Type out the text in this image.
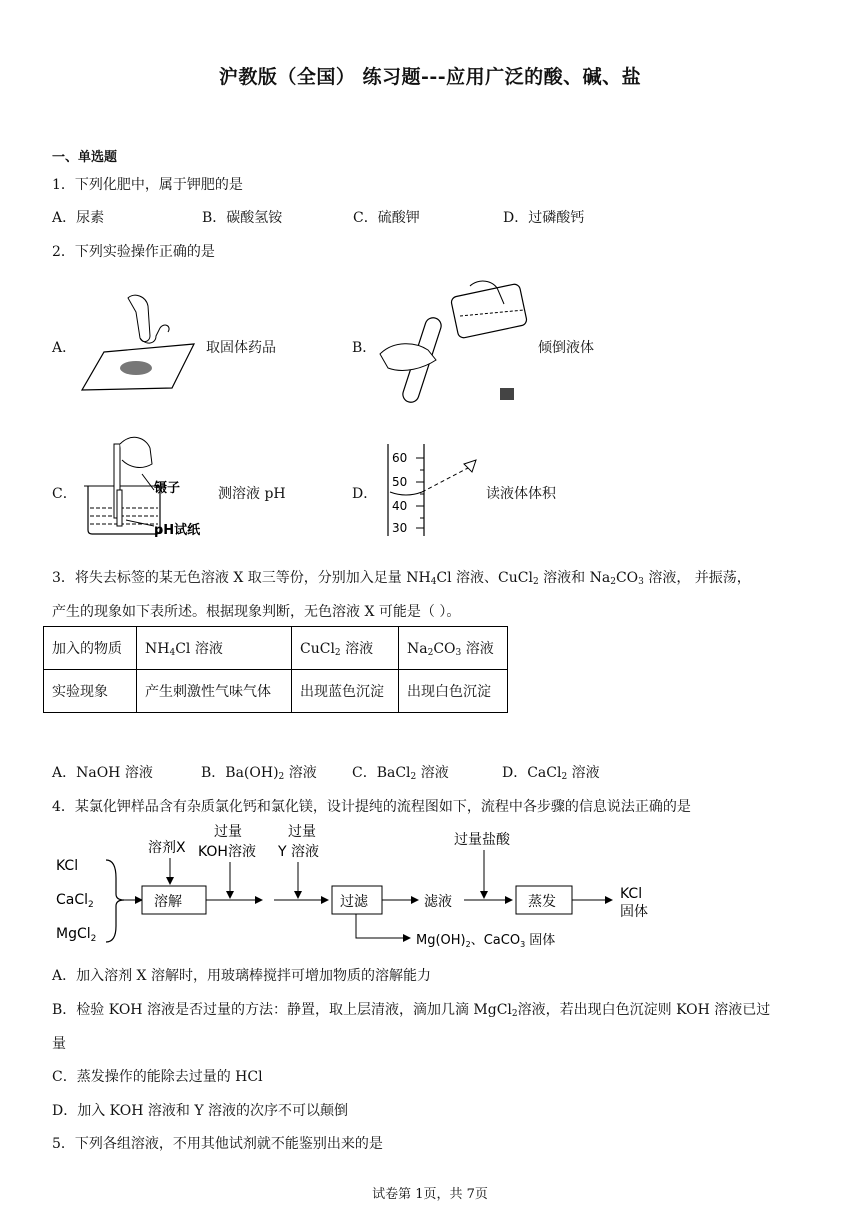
沪教版（全国） 练习题---应用广泛的酸、碱、盐
一、单选题
1．下列化肥中，属于钾肥的是
A．尿素	B．碳酸氢铵	C．硫酸钾	D．过磷酸钙
2．下列实验操作正确的是
A．	取固体药品	B．	倾倒液体
C．	镊子
pH试纸
测溶液 pH	D．
60
50
40
30
读液体体积
3．将失去标签的某无色溶液 X 取三等份，分别加入足量 $NH_4Cl$ 溶液、CuCl$_2$ 溶液和 $Na_2CO_3$ 溶液， 并振荡，
产生的现象如下表所述。根据现象判断，无色溶液 X 可能是（ ）。
加入的物质	$NH_4Cl$ 溶液	CuCl$_2$ 溶液	$Na_2CO_3$ 溶液
实验现象	产生刺激性气味气体	出现蓝色沉淀	出现白色沉淀
A．NaOH 溶液	B．$Ba(OH)_2$ 溶液	C．BaCl$_2$ 溶液	D．CaCl$_2$ 溶液
4．某氯化钾样品含有杂质氯化钙和氯化镁，设计提纯的流程图如下，流程中各步骤的信息说法正确的是
KCl
CaCl$_2$
MgCl$_2$
溶剂X
溶解
过量
KOH溶液
过量
Y 溶液
过滤	滤液
过量盐酸
蒸发	KCl
固体
$Mg(OH)_2$、CaCO$_3$ 固体
A．加入溶剂 X 溶解时，用玻璃棒搅拌可增加物质的溶解能力
B．检验 KOH 溶液是否过量的方法：静置，取上层清液，滴加几滴 MgCl$_2$溶液，若出现白色沉淀则 KOH 溶液已过
量
C．蒸发操作的能除去过量的 HCl
D．加入 KOH 溶液和 Y 溶液的次序不可以颠倒
5．下列各组溶液，不用其他试剂就不能鉴别出来的是
试卷第 1页，共 7页
